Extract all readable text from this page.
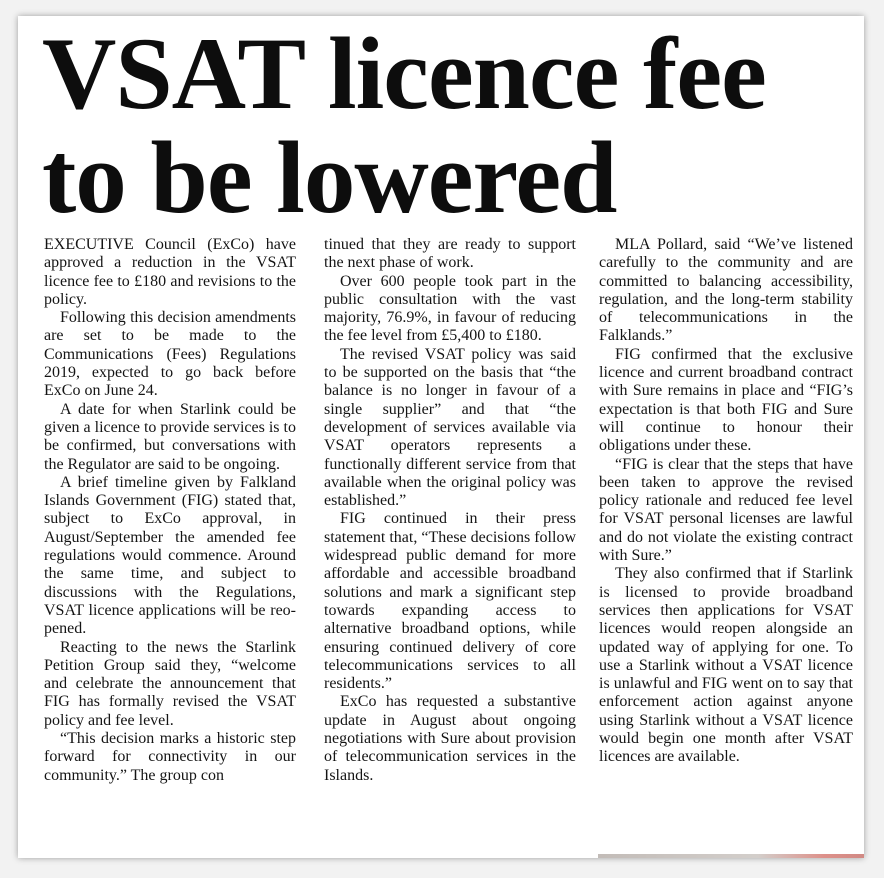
VSAT licence fee
to be lowered

EXECUTIVE Council (ExCo) have approved a reduction in the VSAT licence fee to £180 and revisions to the policy.

Following this decision amendments are set to be made to the Communications (Fees) Regulations 2019, expected to go back before ExCo on June 24.

A date for when Starlink could be given a licence to provide services is to be confirmed, but conversations with the Regulator are said to be ongoing.

A brief timeline given by Falkland Islands Government (FIG) stated that, subject to ExCo approval, in August/September the amended fee regulations would commence. Around the same time, and subject to discussions with the Regulations, VSAT licence applications will be reopened.

Reacting to the news the Starlink Petition Group said they, “welcome and celebrate the announcement that FIG has formally revised the VSAT policy and fee level.

“This decision marks a historic step forward for connectivity in our community.” The group con

tinued that they are ready to support the next phase of work.

Over 600 people took part in the public consultation with the vast majority, 76.9%, in favour of reducing the fee level from £5,400 to £180.

The revised VSAT policy was said to be supported on the basis that “the balance is no longer in favour of a single supplier” and that “the development of services available via VSAT operators represents a functionally different service from that available when the original policy was established.”

FIG continued in their press statement that, “These decisions follow widespread public demand for more affordable and accessible broadband solutions and mark a significant step towards expanding access to alternative broadband options, while ensuring continued delivery of core telecommunications services to all residents.”

ExCo has requested a substantive update in August about ongoing negotiations with Sure about provision of telecommunication services in the Islands.

MLA Pollard, said “We’ve listened carefully to the community and are committed to balancing accessibility, regulation, and the long-term stability of telecommunications in the Falklands.”

FIG confirmed that the exclusive licence and current broadband contract with Sure remains in place and “FIG’s expectation is that both FIG and Sure will continue to honour their obligations under these.

“FIG is clear that the steps that have been taken to approve the revised policy rationale and reduced fee level for VSAT personal licenses are lawful and do not violate the existing contract with Sure.”

They also confirmed that if Starlink is licensed to provide broadband services then applications for VSAT licences would reopen alongside an updated way of applying for one. To use a Starlink without a VSAT licence is unlawful and FIG went on to say that enforcement action against anyone using Starlink without a VSAT licence would begin one month after VSAT licences are available.
